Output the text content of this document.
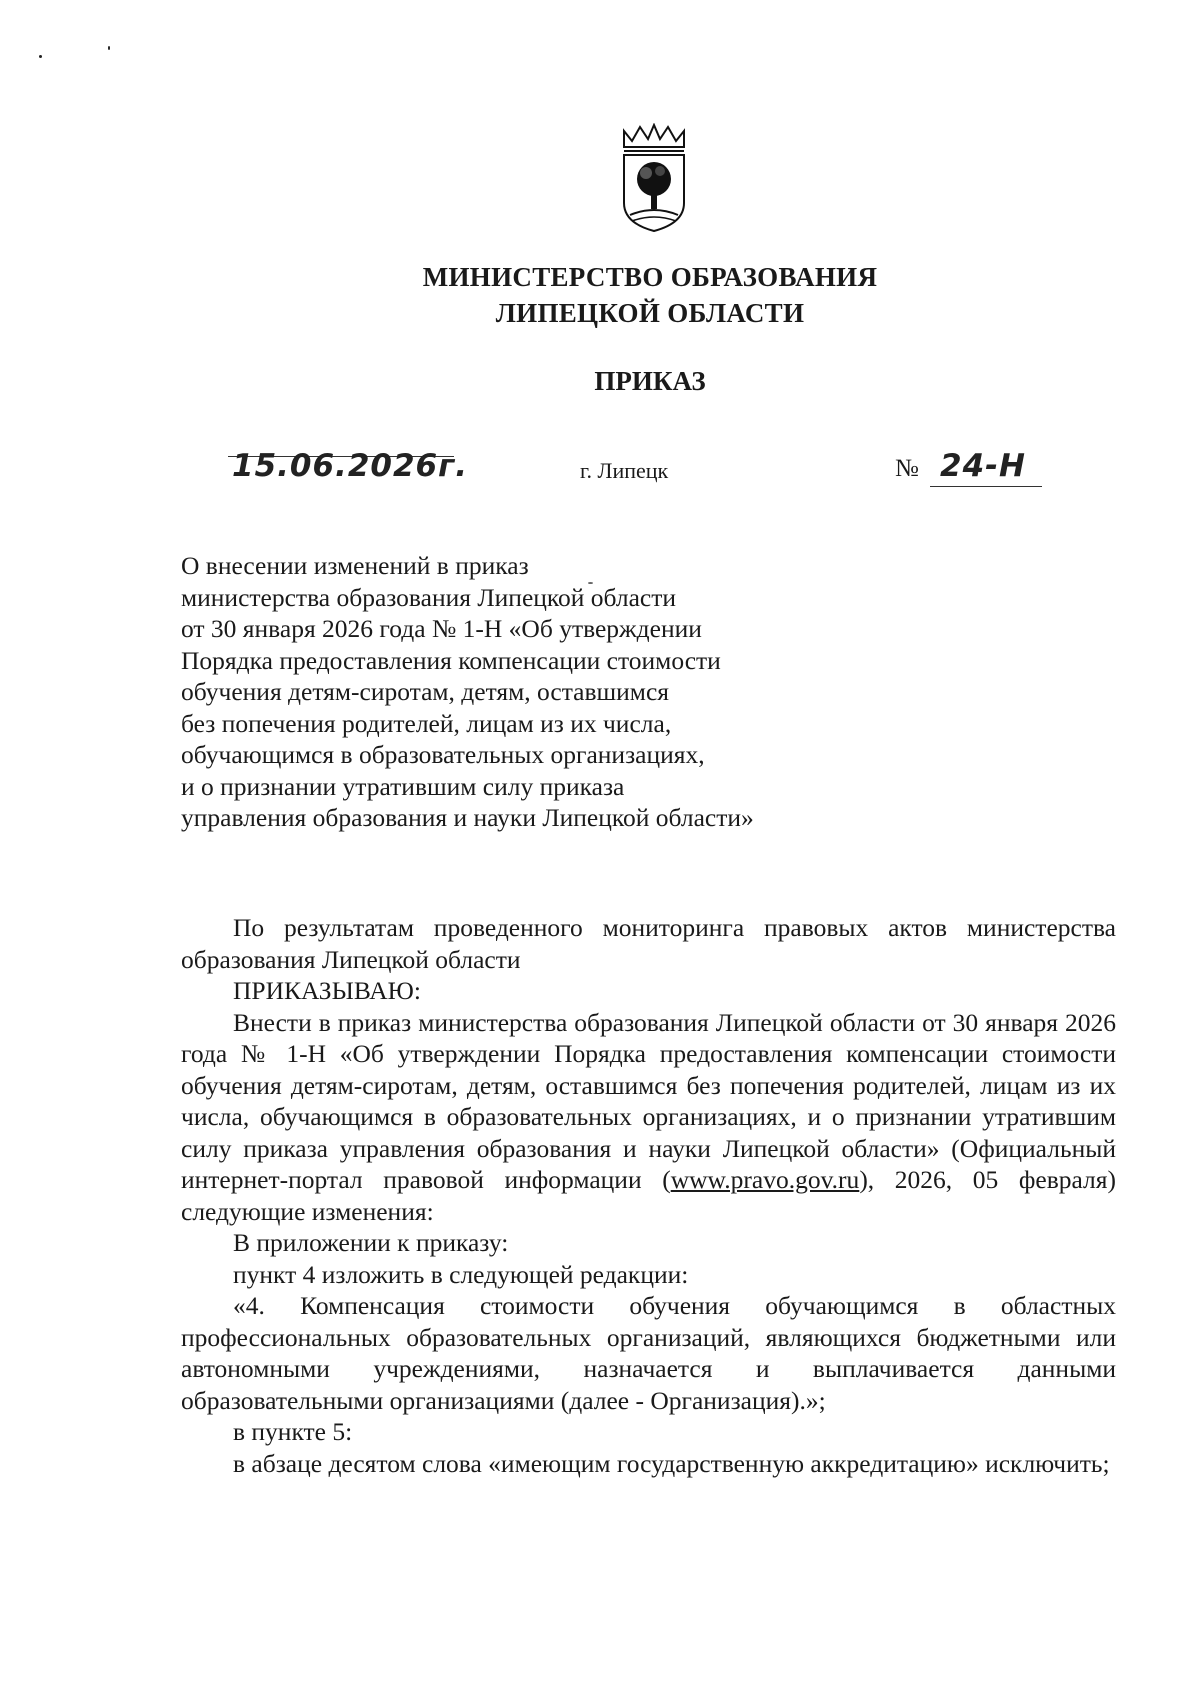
МИНИСТЕРСТВО ОБРАЗОВАНИЯ
ЛИПЕЦКОЙ ОБЛАСТИ
ПРИКАЗ
15.06.2026г.	г. Липецк	№ 24-Н
О внесении изменений в приказ
министерства образования Липецкой области
от 30 января 2026 года № 1-Н «Об утверждении
Порядка предоставления компенсации стоимости
обучения детям-сиротам, детям, оставшимся
без попечения родителей, лицам из их числа,
обучающимся в образовательных организациях,
и о признании утратившим силу приказа
управления образования и науки Липецкой области»

По результатам проведенного мониторинга правовых актов министерства образования Липецкой области

ПРИКАЗЫВАЮ:

Внести в приказ министерства образования Липецкой области от 30 января 2026 года № 1-Н «Об утверждении Порядка предоставления компенсации стоимости обучения детям-сиротам, детям, оставшимся без попечения родителей, лицам из их числа, обучающимся в образовательных организациях, и о признании утратившим силу приказа управления образования и науки Липецкой области» (Официальный интернет-портал правовой информации (www.pravo.gov.ru), 2026, 05 февраля) следующие изменения:

В приложении к приказу:

пункт 4 изложить в следующей редакции:

«4. Компенсация стоимости обучения обучающимся в областных профессиональных образовательных организаций, являющихся бюджетными или автономными учреждениями, назначается и выплачивается данными образовательными организациями (далее - Организация).»;

в пункте 5:

в абзаце десятом слова «имеющим государственную аккредитацию» исключить;
